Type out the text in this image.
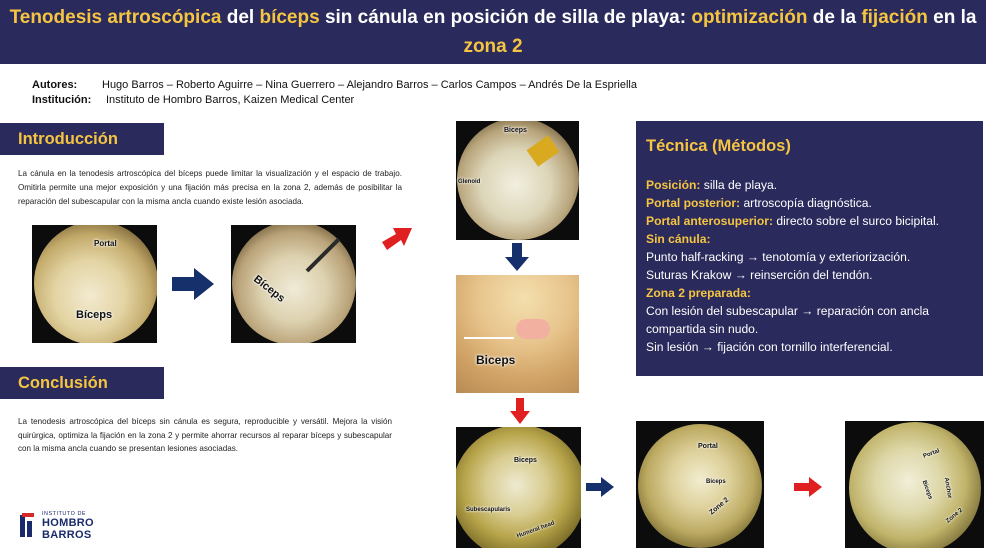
Tenodesis artroscópica del bíceps sin cánula en posición de silla de playa: optimización de la fijación en la
zona 2
Autores: Hugo Barros – Roberto Aguirre – Nina Guerrero – Alejandro Barros – Carlos Campos – Andrés De la Espriella
Institución: Instituto de Hombro Barros, Kaizen Medical Center
Introducción
La cánula en la tenodesis artroscópica del bíceps puede limitar la visualización y el espacio de trabajo. Omitirla permite una mejor exposición y una fijación más precisa en la zona 2, además de posibilitar la reparación del subescapular con la misma ancla cuando existe lesión asociada.
Portal
Bíceps
Bíceps
Biceps
Glenoid
Biceps
Biceps
Subescapularis
Humeral head
Portal
Biceps
Zone 2
Portal
Biceps Anchor
Zone 2
Técnica (Métodos)
Posición: silla de playa.
Portal posterior: artroscopía diagnóstica.
Portal anterosuperior: directo sobre el surco bicipital.
Sin cánula:
Punto half-racking → tenotomía y exteriorización.
Suturas Krakow → reinserción del tendón.
Zona 2 preparada:
Con lesión del subescapular → reparación con ancla compartida sin nudo.
Sin lesión → fijación con tornillo interferencial.
Conclusión
La tenodesis artroscópica del bíceps sin cánula es segura, reproducible y versátil. Mejora la visión quirúrgica, optimiza la fijación en la zona 2 y permite ahorrar recursos al reparar bíceps y subescapular con la misma ancla cuando se presentan lesiones asociadas.
INSTITUTO DE
HOMBRO
BARROS
